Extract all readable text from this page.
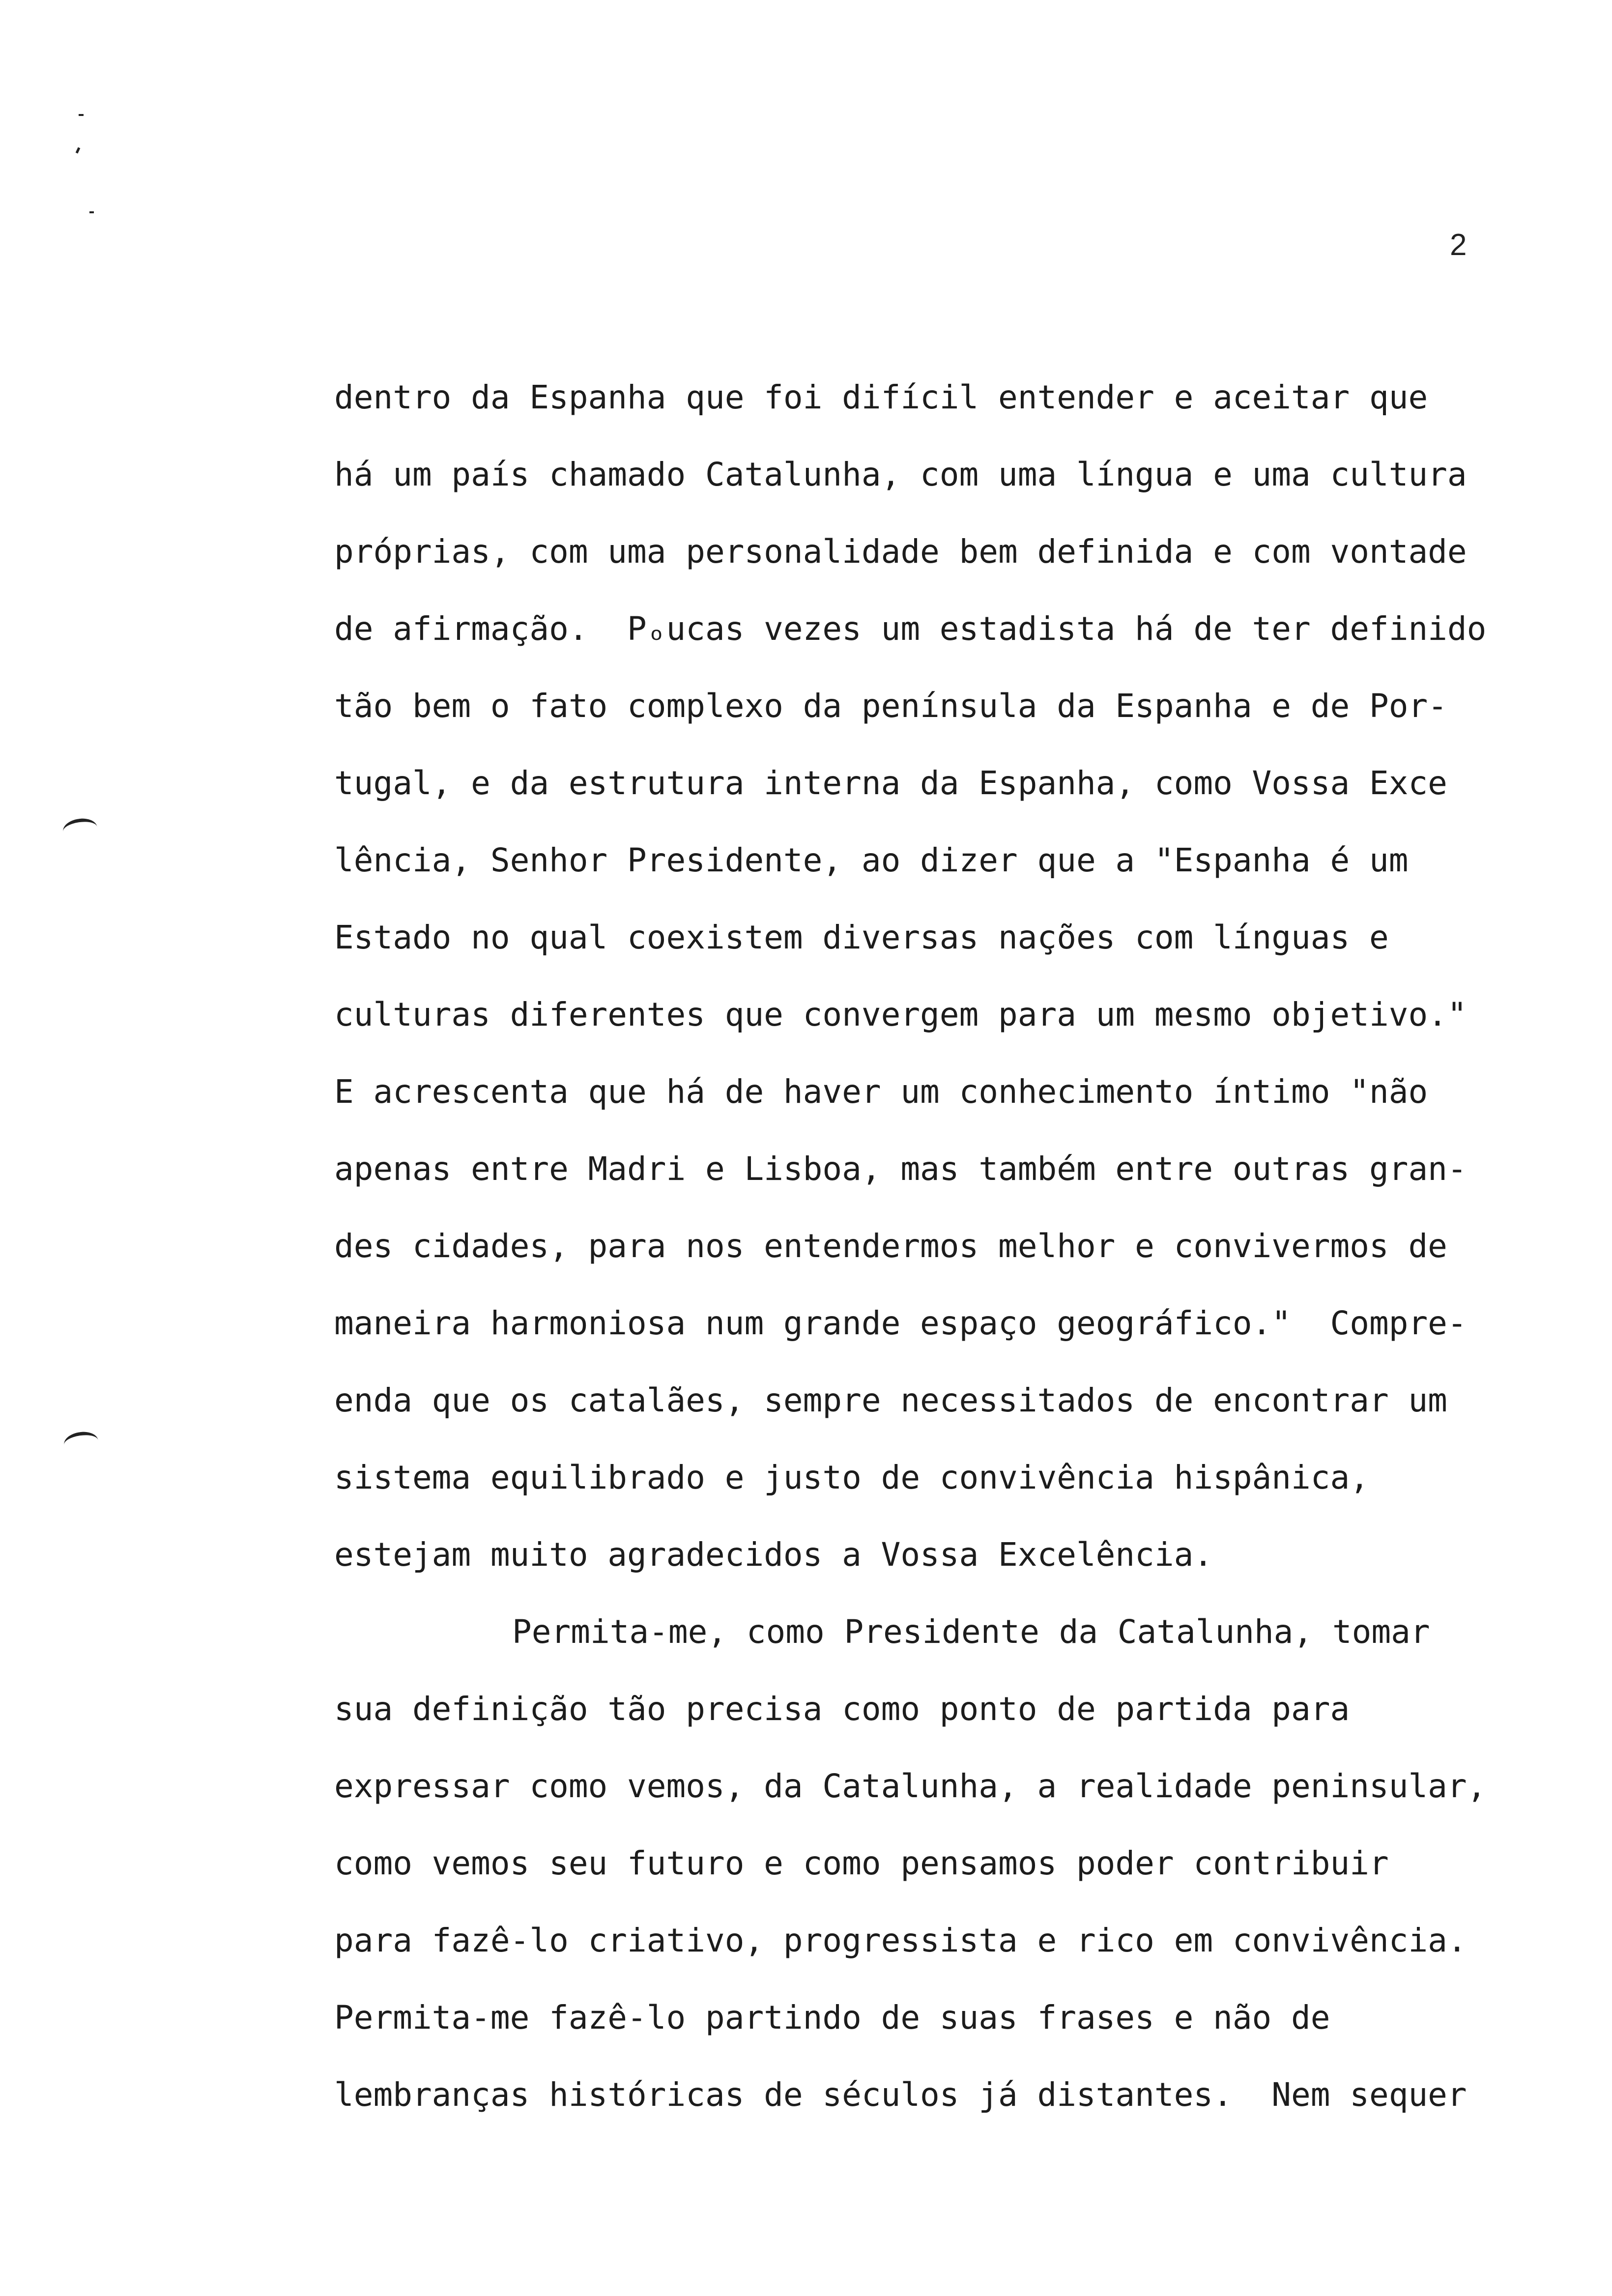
2
dentro da Espanha que foi difícil entender e aceitar que
há um país chamado Catalunha, com uma língua e uma cultura
próprias, com uma personalidade bem definida e com vontade
de afirmação.  Pₒucas vezes um estadista há de ter definido
tão bem o fato complexo da península da Espanha e de Por-
tugal, e da estrutura interna da Espanha, como Vossa Exce
lência, Senhor Presidente, ao dizer que a "Espanha é um
Estado no qual coexistem diversas nações com línguas e
culturas diferentes que convergem para um mesmo objetivo."
E acrescenta que há de haver um conhecimento íntimo "não
apenas entre Madri e Lisboa, mas também entre outras gran-
des cidades, para nos entendermos melhor e convivermos de
maneira harmoniosa num grande espaço geográfico."  Compre-
enda que os catalães, sempre necessitados de encontrar um
sistema equilibrado e justo de convivência hispânica,
estejam muito agradecidos a Vossa Excelência.
Permita-me, como Presidente da Catalunha, tomar
sua definição tão precisa como ponto de partida para
expressar como vemos, da Catalunha, a realidade peninsular,
como vemos seu futuro e como pensamos poder contribuir
para fazê-lo criativo, progressista e rico em convivência.
Permita-me fazê-lo partindo de suas frases e não de
lembranças históricas de séculos já distantes.  Nem sequer
